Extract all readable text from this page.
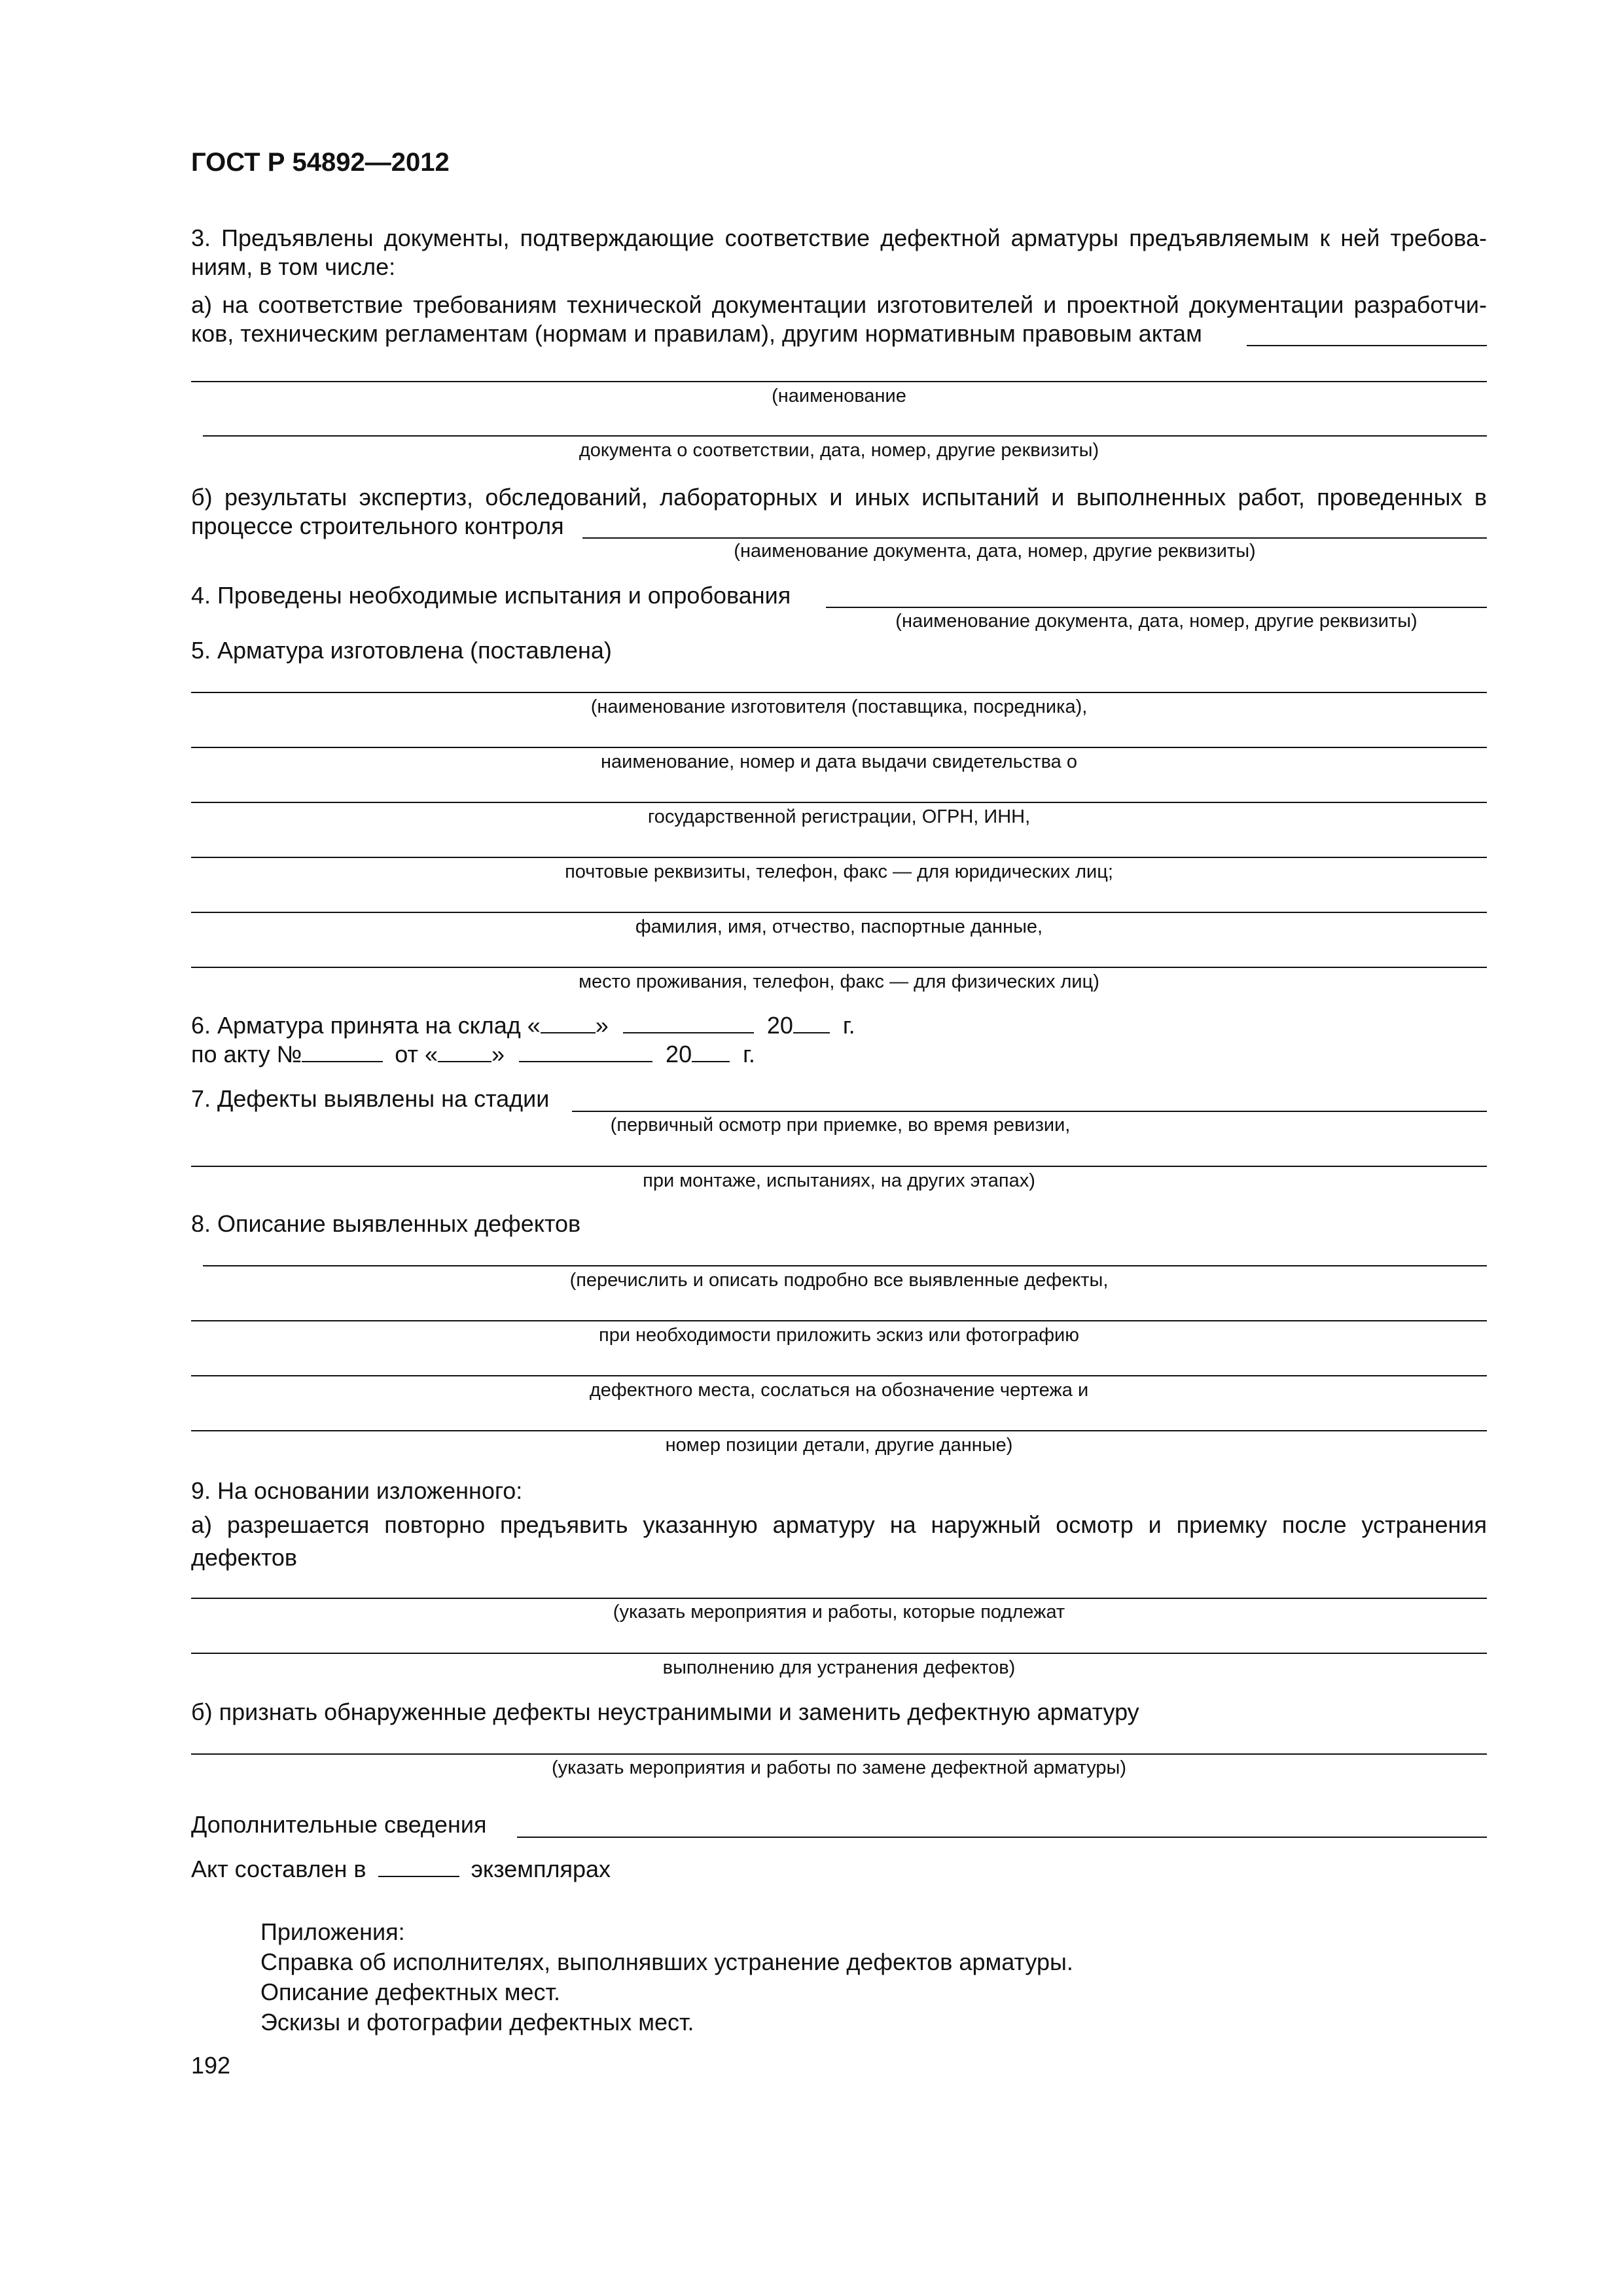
ГОСТ Р 54892—2012
3. Предъявлены документы, подтверждающие соответствие дефектной арматуры предъявляемым к ней требова-
ниям, в том числе:
а) на соответствие требованиям технической документации изготовителей и проектной документации разработчи-
ков, техническим регламентам (нормам и правилам), другим нормативным правовым актам
(наименование
документа о соответствии, дата, номер, другие реквизиты)
б) результаты экспертиз, обследований, лабораторных и иных испытаний и выполненных работ, проведенных в
процессе строительного контроля
(наименование документа, дата, номер, другие реквизиты)
4. Проведены необходимые испытания и опробования
(наименование документа, дата, номер, другие реквизиты)
5. Арматура изготовлена (поставлена)
(наименование изготовителя (поставщика, посредника),
наименование, номер и дата выдачи свидетельства о
государственной регистрации, ОГРН, ИНН,
почтовые реквизиты, телефон, факс — для юридических лиц;
фамилия, имя, отчество, паспортные данные,
место проживания, телефон, факс — для физических лиц)
6. Арматура принята на склад « »	20 г.
по акту №	от « »	20 г.
7. Дефекты выявлены на стадии
(первичный осмотр при приемке, во время ревизии,
при монтаже, испытаниях, на других этапах)
8. Описание выявленных дефектов
(перечислить и описать подробно все выявленные дефекты,
при необходимости приложить эскиз или фотографию
дефектного места, сослаться на обозначение чертежа и
номер позиции детали, другие данные)
9. На основании изложенного:
а) разрешается повторно предъявить указанную арматуру на наружный осмотр и приемку после устранения
дефектов
(указать мероприятия и работы, которые подлежат
выполнению для устранения дефектов)
б) признать обнаруженные дефекты неустранимыми и заменить дефектную арматуру
(указать мероприятия и работы по замене дефектной арматуры)
Дополнительные сведения
Акт составлен в	экземплярах
Приложения:
Справка об исполнителях, выполнявших устранение дефектов арматуры.
Описание дефектных мест.
Эскизы и фотографии дефектных мест.
192
